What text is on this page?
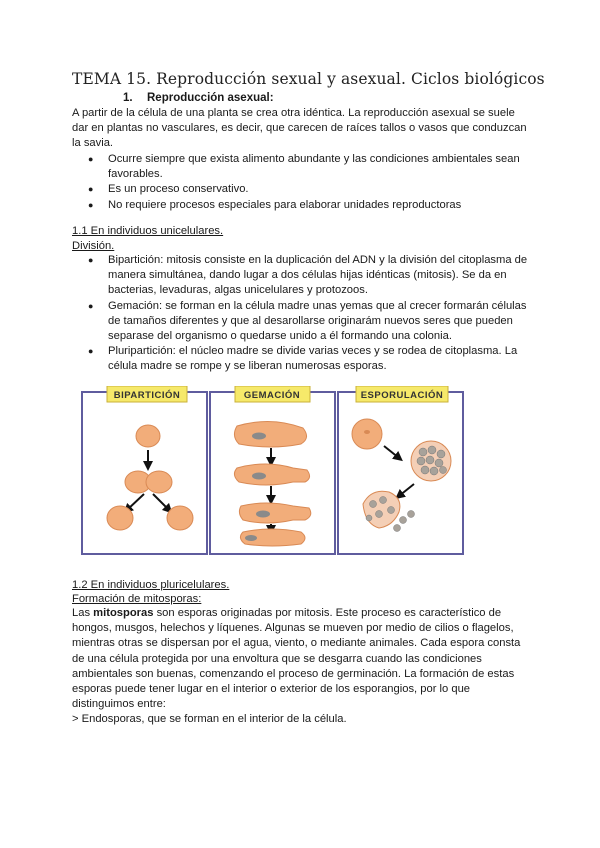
TEMA 15. Reproducción sexual y asexual. Ciclos biológicos
1. Reproducción asexual:
A partir de la célula de una planta se crea otra idéntica. La reproducción asexual se suele
dar en plantas no vasculares, es decir, que carecen de raíces tallos o vasos que conduzcan
la savia.
● Ocurre siempre que exista alimento abundante y las condiciones ambientales sean
favorables.
● Es un proceso conservativo.
● No requiere procesos especiales para elaborar unidades reproductoras
1.1 En individuos unicelulares.
División.
● Bipartición: mitosis consiste en la duplicación del ADN y la división del citoplasma de
manera simultánea, dando lugar a dos células hijas idénticas (mitosis). Se da en
bacterias, levaduras, algas unicelulares y protozoos.
● Gemación: se forman en la célula madre unas yemas que al crecer formarán células
de tamaños diferentes y que al desarollarse originarám nuevos seres que pueden
separase del organismo o quedarse unido a él formando una colonia.
● Pluripartición: el núcleo madre se divide varias veces y se rodea de citoplasma. La
célula madre se rompe y se liberan numerosas esporas.
BIPARTICIÓN	GEMACIÓN	ESPORULACIÓN
1.2 En individuos pluricelulares.
Formación de mitosporas:
Las mitosporas son esporas originadas por mitosis. Este proceso es característico de
hongos, musgos, helechos y líquenes. Algunas se mueven por medio de cilios o flagelos,
mientras otras se dispersan por el agua, viento, o mediante animales. Cada espora consta
de una célula protegida por una envoltura que se desgarra cuando las condiciones
ambientales son buenas, comenzando el proceso de germinación. La formación de estas
esporas puede tener lugar en el interior o exterior de los esporangios, por lo que
distinguimos entre:
> Endosporas, que se forman en el interior de la célula.
